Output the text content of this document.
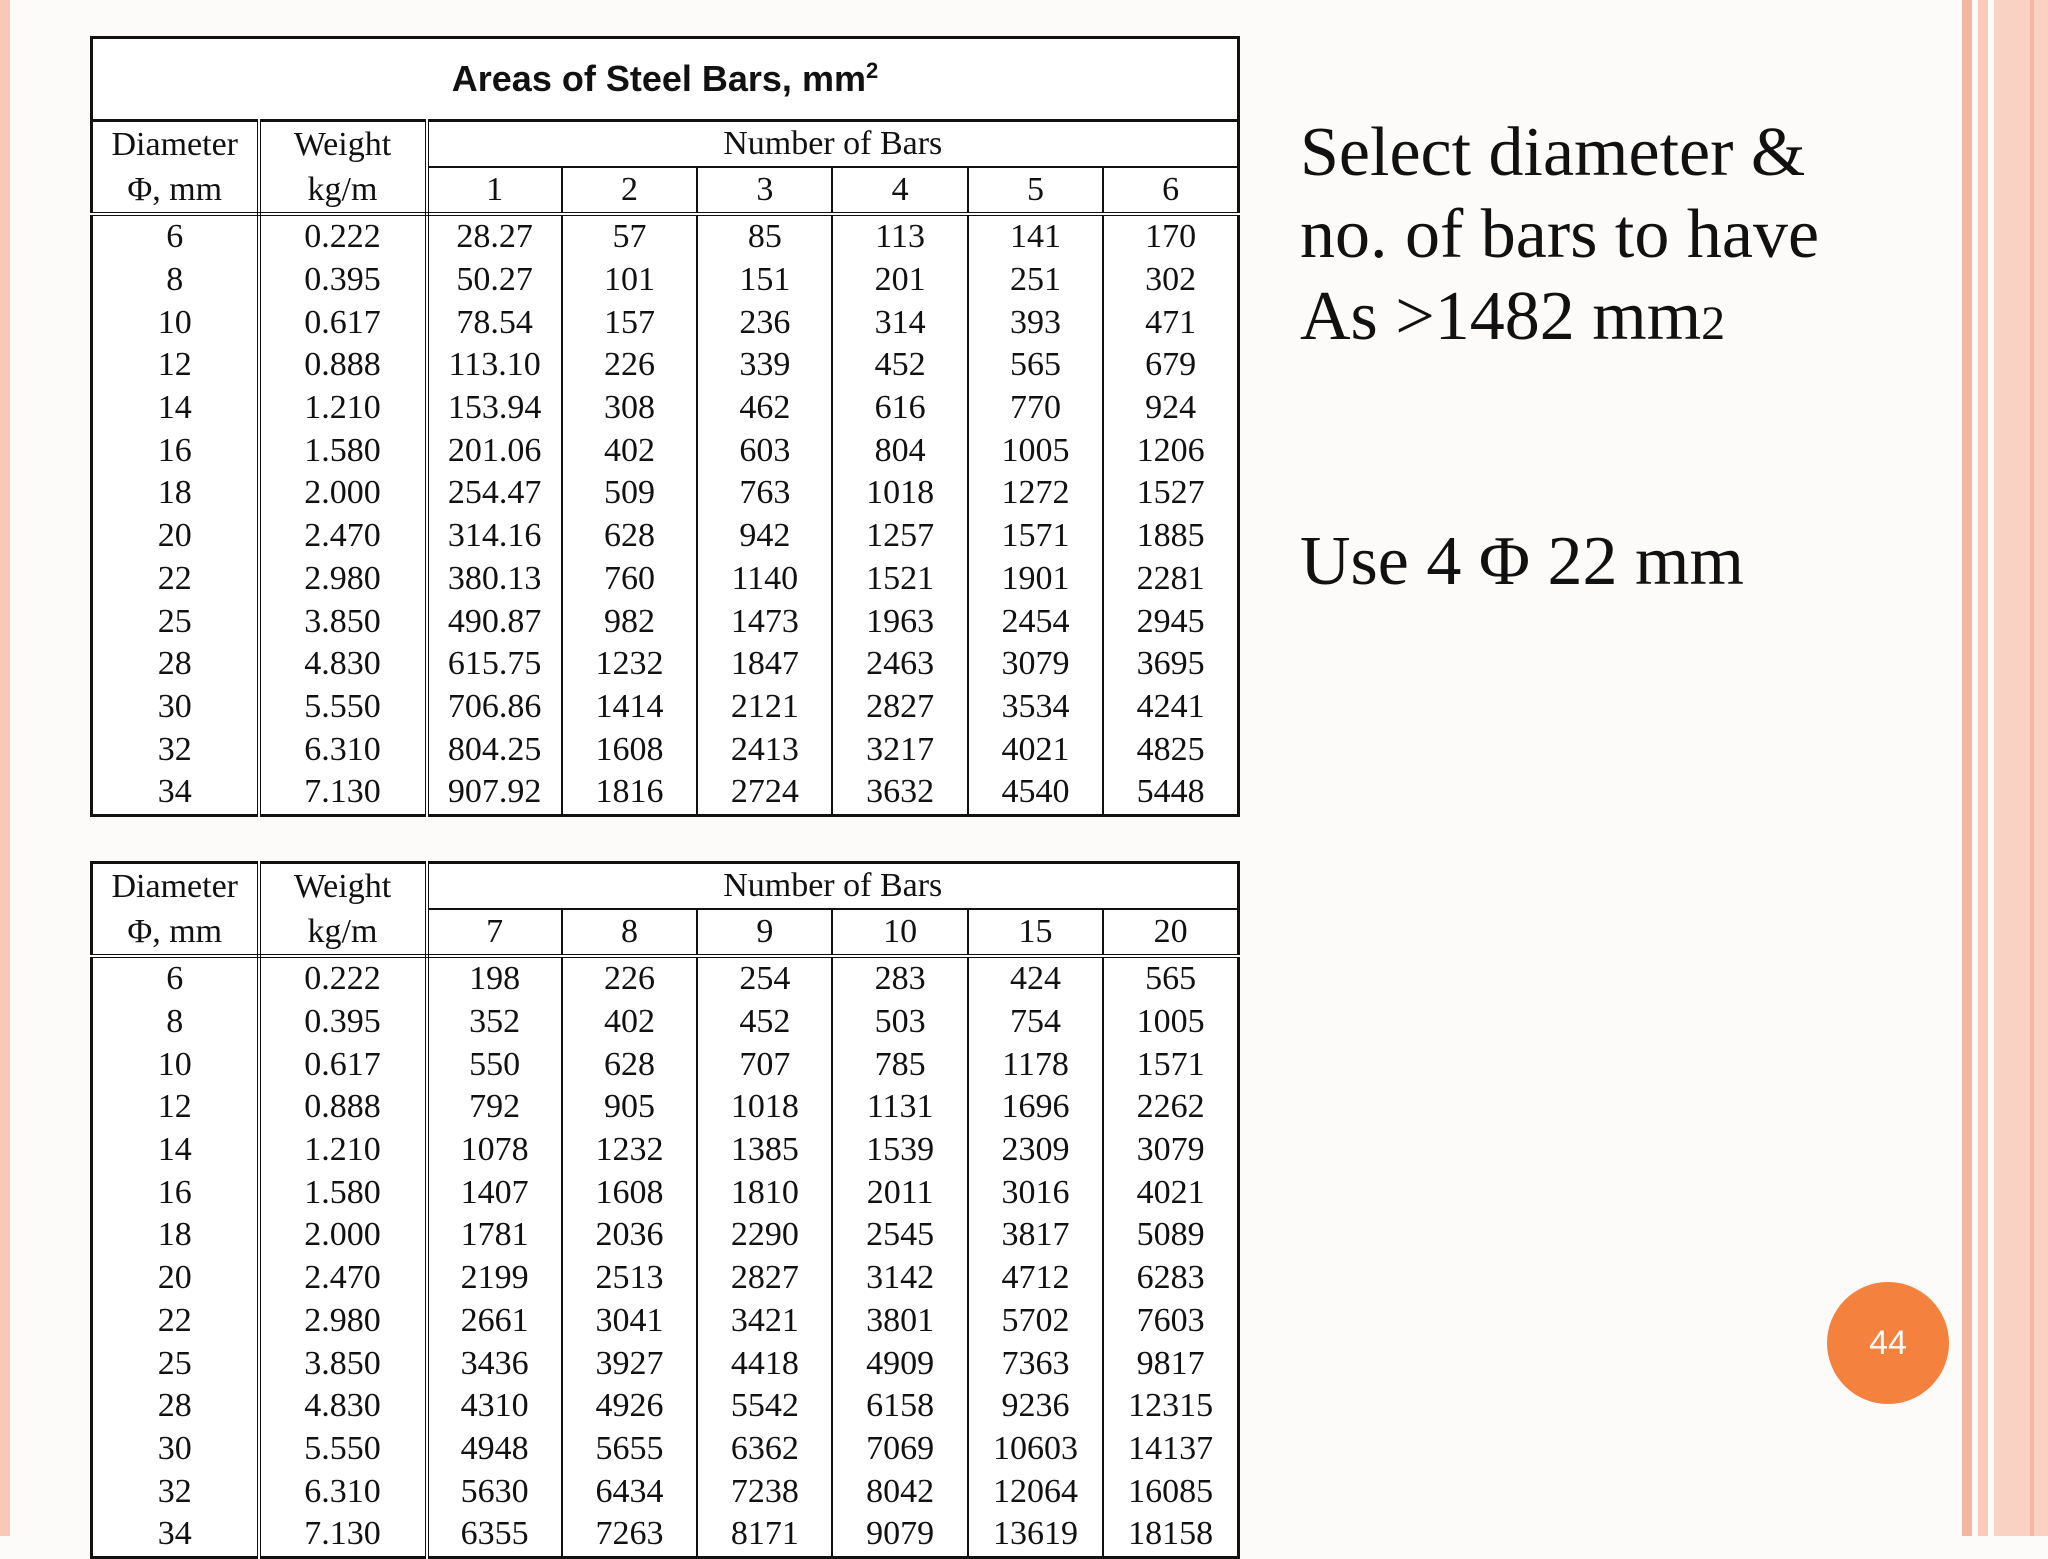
Areas of Steel Bars, $mm^2$
Diameter	Weight	Number of Bars					
Φ, mm	kg/m	1	2	3	4	5	6
6	0.222	28.27	57	85	113	141	170
8	0.395	50.27	101	151	201	251	302
10	0.617	78.54	157	236	314	393	471
12	0.888	113.10	226	339	452	565	679
14	1.210	153.94	308	462	616	770	924
16	1.580	201.06	402	603	804	1005	1206
18	2.000	254.47	509	763	1018	1272	1527
20	2.470	314.16	628	942	1257	1571	1885
22	2.980	380.13	760	1140	1521	1901	2281
25	3.850	490.87	982	1473	1963	2454	2945
28	4.830	615.75	1232	1847	2463	3079	3695
30	5.550	706.86	1414	2121	2827	3534	4241
32	6.310	804.25	1608	2413	3217	4021	4825
34	7.130	907.92	1816	2724	3632	4540	5448
Diameter	Weight	Number of Bars					
Φ, mm	kg/m	7	8	9	10	15	20
6	0.222	198	226	254	283	424	565
8	0.395	352	402	452	503	754	1005
10	0.617	550	628	707	785	1178	1571
12	0.888	792	905	1018	1131	1696	2262
14	1.210	1078	1232	1385	1539	2309	3079
16	1.580	1407	1608	1810	2011	3016	4021
18	2.000	1781	2036	2290	2545	3817	5089
20	2.470	2199	2513	2827	3142	4712	6283
22	2.980	2661	3041	3421	3801	5702	7603
25	3.850	3436	3927	4418	4909	7363	9817
28	4.830	4310	4926	5542	6158	9236	12315
30	5.550	4948	5655	6362	7069	10603	14137
32	6.310	5630	6434	7238	8042	12064	16085
34	7.130	6355	7263	8171	9079	13619	18158

Select diameter &

no. of bars to have

As >1482 mm2

Use 4 Φ 22 mm
44
